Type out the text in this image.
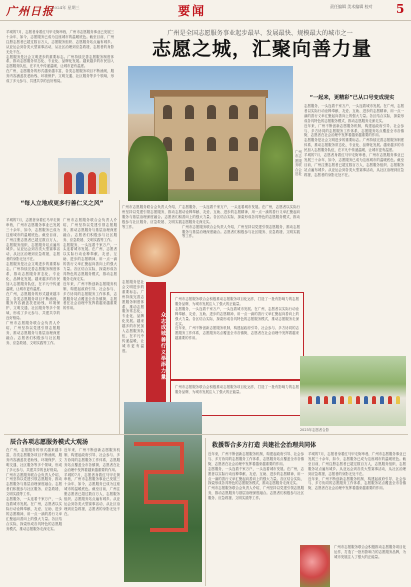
广州日报
2024年 星期三	要闻	责任编辑 美术编辑 校对	5
广州是全国志愿服务事业起步最早、发展最快、规模最大的城市之一
志愿之城，汇聚向善力量
羊城的7月，志愿者身着红马甲走街串巷，广州市志愿服务事业已发展三十余年，如今，志愿服务已成为这座城市的温暖底色。截至目前，广州注册志愿者已超过数百万人，志愿服务组织、志愿服务站点遍布城乡。从亚运会到各类大型赛事活动，从社区治理到应急救援，志愿者的身影无处不在。
志愿服务是社会文明进步的重要标志。广州持续完善志愿服务制度体系，推动志愿服务常态化、专业化、品牌化发展。越来越多的市民加入志愿服务队伍，在平凡中传递温暖，让城市更有温度。
在广州，志愿服务的形式越来越丰富，各类志愿服务项目不断涌现，服务内容涵盖扶老助残、环境保护、文明交通、社区服务等多个领域，形成了多元参与、共建共享的良好格局。
广州市志愿服务联合会旧址
“一起来，更精彩”已从口号变成现实
志愿服务，一头连着千家万户，一头连着城市发展。在广州，志愿者以实际行动诠释奉献、友爱、互助、进步的志愿精神，用一点一滴的善行义举汇聚起向善向上的强大力量。各区结合实际，探索形成各具特色的志愿服务模式，推动志愿服务走深走实。
近年来，广州不断创新志愿服务机制，构建起政府引导、社会参与、多方协同的志愿服务工作体系，志愿服务站点覆盖全市各镇街，志愿者在社会治理中发挥着越来越重要的作用。
志愿服务是社会文明进步的重要标志。广州持续完善志愿服务制度体系，推动志愿服务常态化、专业化、品牌化发展。越来越多的市民加入志愿服务队伍，在平凡中传递温暖，让城市更有温度。
羊城的7月，志愿者身着红马甲走街串巷，广州市志愿服务事业已发展三十余年，如今，志愿服务已成为这座城市的温暖底色。截至目前，广州注册志愿者已超过数百万人，志愿服务组织、志愿服务站点遍布城乡。从亚运会到各类大型赛事活动，从社区治理到应急救援，志愿者的身影无处不在。
“每人立地成更多行善仁义之风”
羊城的7月，志愿者身着红马甲走街串巷，广州市志愿服务事业已发展三十余年，如今，志愿服务已成为这座城市的温暖底色。截至目前，广州注册志愿者已超过数百万人，志愿服务组织、志愿服务站点遍布城乡。从亚运会到各类大型赛事活动，从社区治理到应急救援，志愿者的身影无处不在。
志愿服务是社会文明进步的重要标志。广州持续完善志愿服务制度体系，推动志愿服务常态化、专业化、品牌化发展。越来越多的市民加入志愿服务队伍，在平凡中传递温暖，让城市更有温度。
在广州，志愿服务的形式越来越丰富，各类志愿服务项目不断涌现，服务内容涵盖扶老助残、环境保护、文明交通、社区服务等多个领域，形成了多元参与、共建共享的良好格局。
广州市志愿服务联合会负责人介绍，广州坚持以党建引领志愿服务，推动志愿服务与基层治理深度融合。志愿者们积极参与社区服务、应急救援、文明实践等工作。
广州市志愿服务联合会负责人介绍，广州坚持以党建引领志愿服务，推动志愿服务与基层治理深度融合。志愿者们积极参与社区服务、应急救援、文明实践等工作。
志愿服务，一头连着千家万户，一头连着城市发展。在广州，志愿者以实际行动诠释奉献、友爱、互助、进步的志愿精神，用一点一滴的善行义举汇聚起向善向上的强大力量。各区结合实际，探索形成各具特色的志愿服务模式，推动志愿服务走深走实。
近年来，广州不断创新志愿服务机制，构建起政府引导、社会参与、多方协同的志愿服务工作体系，志愿服务站点覆盖全市各镇街，志愿者在社会治理中发挥着越来越重要的作用。
广州市志愿服务联合会负责人介绍，广州坚持以党建引领志愿服务，推动志愿服务与基层治理深度融合。志愿者们积极参与社区服务、应急救援、文明实践等工作。
志愿服务，一头连着千家万户，一头连着城市发展。在广州，志愿者以实际行动诠释奉献、友爱、互助、进步的志愿精神，用一点一滴的善行义举汇聚起向善向上的强大力量。各区结合实际，探索形成各具特色的志愿服务模式，推动志愿服务走深走实。
广州市志愿服务联合会负责人介绍，广州坚持以党建引领志愿服务，推动志愿服务与基层治理深度融合。志愿者们积极参与社区服务、应急救援、文明实践等工作。
志愿服务是社会文明进步的重要标志。广州持续完善志愿服务制度体系，推动志愿服务常态化、专业化、品牌化发展。越来越多的市民加入志愿服务队伍，在平凡中传递温暖，让城市更有温度。	众志成城善行义举添力量
广州市志愿服务联合会积极推动志愿服务项目化运作，打造了一批有影响力的志愿服务品牌，为城市发展注入了强大的正能量。
志愿服务，一头连着千家万户，一头连着城市发展。在广州，志愿者以实际行动诠释奉献、友爱、互助、进步的志愿精神，用一点一滴的善行义举汇聚起向善向上的强大力量。各区结合实际，探索形成各具特色的志愿服务模式，推动志愿服务走深走实。
近年来，广州不断创新志愿服务机制，构建起政府引导、社会参与、多方协同的志愿服务工作体系，志愿服务站点覆盖全市各镇街，志愿者在社会治理中发挥着越来越重要的作用。
广州市志愿服务联合会积极推动志愿服务项目化运作，打造了一批有影响力的志愿服务品牌，为城市发展注入了强大的正能量。
2023年志愿者合影
辰合各项志愿服务模式大观汤	救援帮合多方打造 共建社会治理共同体
在广州，志愿服务的形式越来越丰富，各类志愿服务项目不断涌现，服务内容涵盖扶老助残、环境保护、文明交通、社区服务等多个领域，形成了多元参与、共建共享的良好格局。
广州市志愿服务联合会负责人介绍，广州坚持以党建引领志愿服务，推动志愿服务与基层治理深度融合。志愿者们积极参与社区服务、应急救援、文明实践等工作。
志愿服务，一头连着千家万户，一头连着城市发展。在广州，志愿者以实际行动诠释奉献、友爱、互助、进步的志愿精神，用一点一滴的善行义举汇聚起向善向上的强大力量。各区结合实际，探索形成各具特色的志愿服务模式，推动志愿服务走深走实。
近年来，广州不断创新志愿服务机制，构建起政府引导、社会参与、多方协同的志愿服务工作体系，志愿服务站点覆盖全市各镇街，志愿者在社会治理中发挥着越来越重要的作用。
羊城的7月，志愿者身着红马甲走街串巷，广州市志愿服务事业已发展三十余年，如今，志愿服务已成为这座城市的温暖底色。截至目前，广州注册志愿者已超过数百万人，志愿服务组织、志愿服务站点遍布城乡。从亚运会到各类大型赛事活动，从社区治理到应急救援，志愿者的身影无处不在。
近年来，广州不断创新志愿服务机制，构建起政府引导、社会参与、多方协同的志愿服务工作体系，志愿服务站点覆盖全市各镇街，志愿者在社会治理中发挥着越来越重要的作用。
志愿服务，一头连着千家万户，一头连着城市发展。在广州，志愿者以实际行动诠释奉献、友爱、互助、进步的志愿精神，用一点一滴的善行义举汇聚起向善向上的强大力量。各区结合实际，探索形成各具特色的志愿服务模式，推动志愿服务走深走实。
广州市志愿服务联合会负责人介绍，广州坚持以党建引领志愿服务，推动志愿服务与基层治理深度融合。志愿者们积极参与社区服务、应急救援、文明实践等工作。
羊城的7月，志愿者身着红马甲走街串巷，广州市志愿服务事业已发展三十余年，如今，志愿服务已成为这座城市的温暖底色。截至目前，广州注册志愿者已超过数百万人，志愿服务组织、志愿服务站点遍布城乡。从亚运会到各类大型赛事活动，从社区治理到应急救援，志愿者的身影无处不在。
近年来，广州不断创新志愿服务机制，构建起政府引导、社会参与、多方协同的志愿服务工作体系，志愿服务站点覆盖全市各镇街，志愿者在社会治理中发挥着越来越重要的作用。
广州市志愿服务联合会积极推动志愿服务项目化运作，打造了一批有影响力的志愿服务品牌，为城市发展注入了强大的正能量。
